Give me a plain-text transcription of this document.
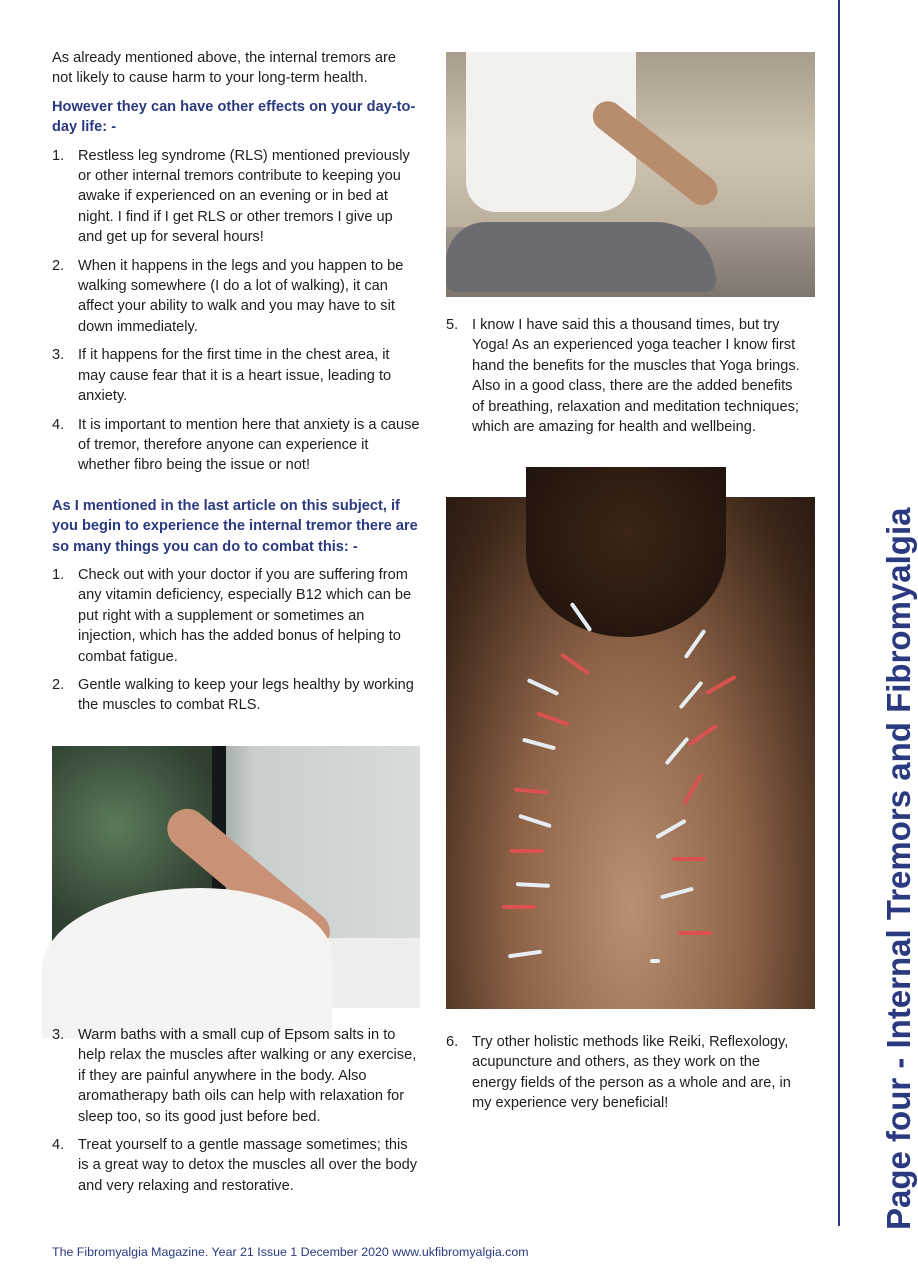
As already mentioned above, the internal tremors are not likely to cause harm to your long-term health.

However they can have other effects on your day-to-day life: -

1. Restless leg syndrome (RLS) mentioned previously or other internal tremors contribute to keeping you awake if experienced on an evening or in bed at night. I find if I get RLS or other tremors I give up and get up for several hours!
2. When it happens in the legs and you happen to be walking somewhere (I do a lot of walking), it can affect your ability to walk and you may have to sit down immediately.
3. If it happens for the first time in the chest area, it may cause fear that it is a heart issue, leading to anxiety.
4. It is important to mention here that anxiety is a cause of tremor, therefore anyone can experience it whether fibro being the issue or not!

As I mentioned in the last article on this subject, if you begin to experience the internal tremor there are so many things you can do to combat this: -

1. Check out with your doctor if you are suffering from any vitamin deficiency, especially B12 which can be put right with a supplement or sometimes an injection, which has the added bonus of helping to combat fatigue.
2. Gentle walking to keep your legs healthy by working the muscles to combat RLS.
5. I know I have said this a thousand times, but try Yoga! As an experienced yoga teacher I know first hand the benefits for the muscles that Yoga brings. Also in a good class, there are the added benefits of breathing, relaxation and meditation techniques; which are amazing for health and wellbeing.
3. Warm baths with a small cup of Epsom salts in to help relax the muscles after walking or any exercise, if they are painful anywhere in the body. Also aromatherapy bath oils can help with relaxation for sleep too, so its good just before bed.
4. Treat yourself to a gentle massage sometimes; this is a great way to detox the muscles all over the body and very relaxing and restorative.
6. Try other holistic methods like Reiki, Reflexology, acupuncture and others, as they work on the energy fields of the person as a whole and are, in my experience very beneficial!	Page four - Internal Tremors and Fibromyalgia
The Fibromyalgia Magazine. Year 21 Issue 1 December 2020 www.ukfibromyalgia.com
